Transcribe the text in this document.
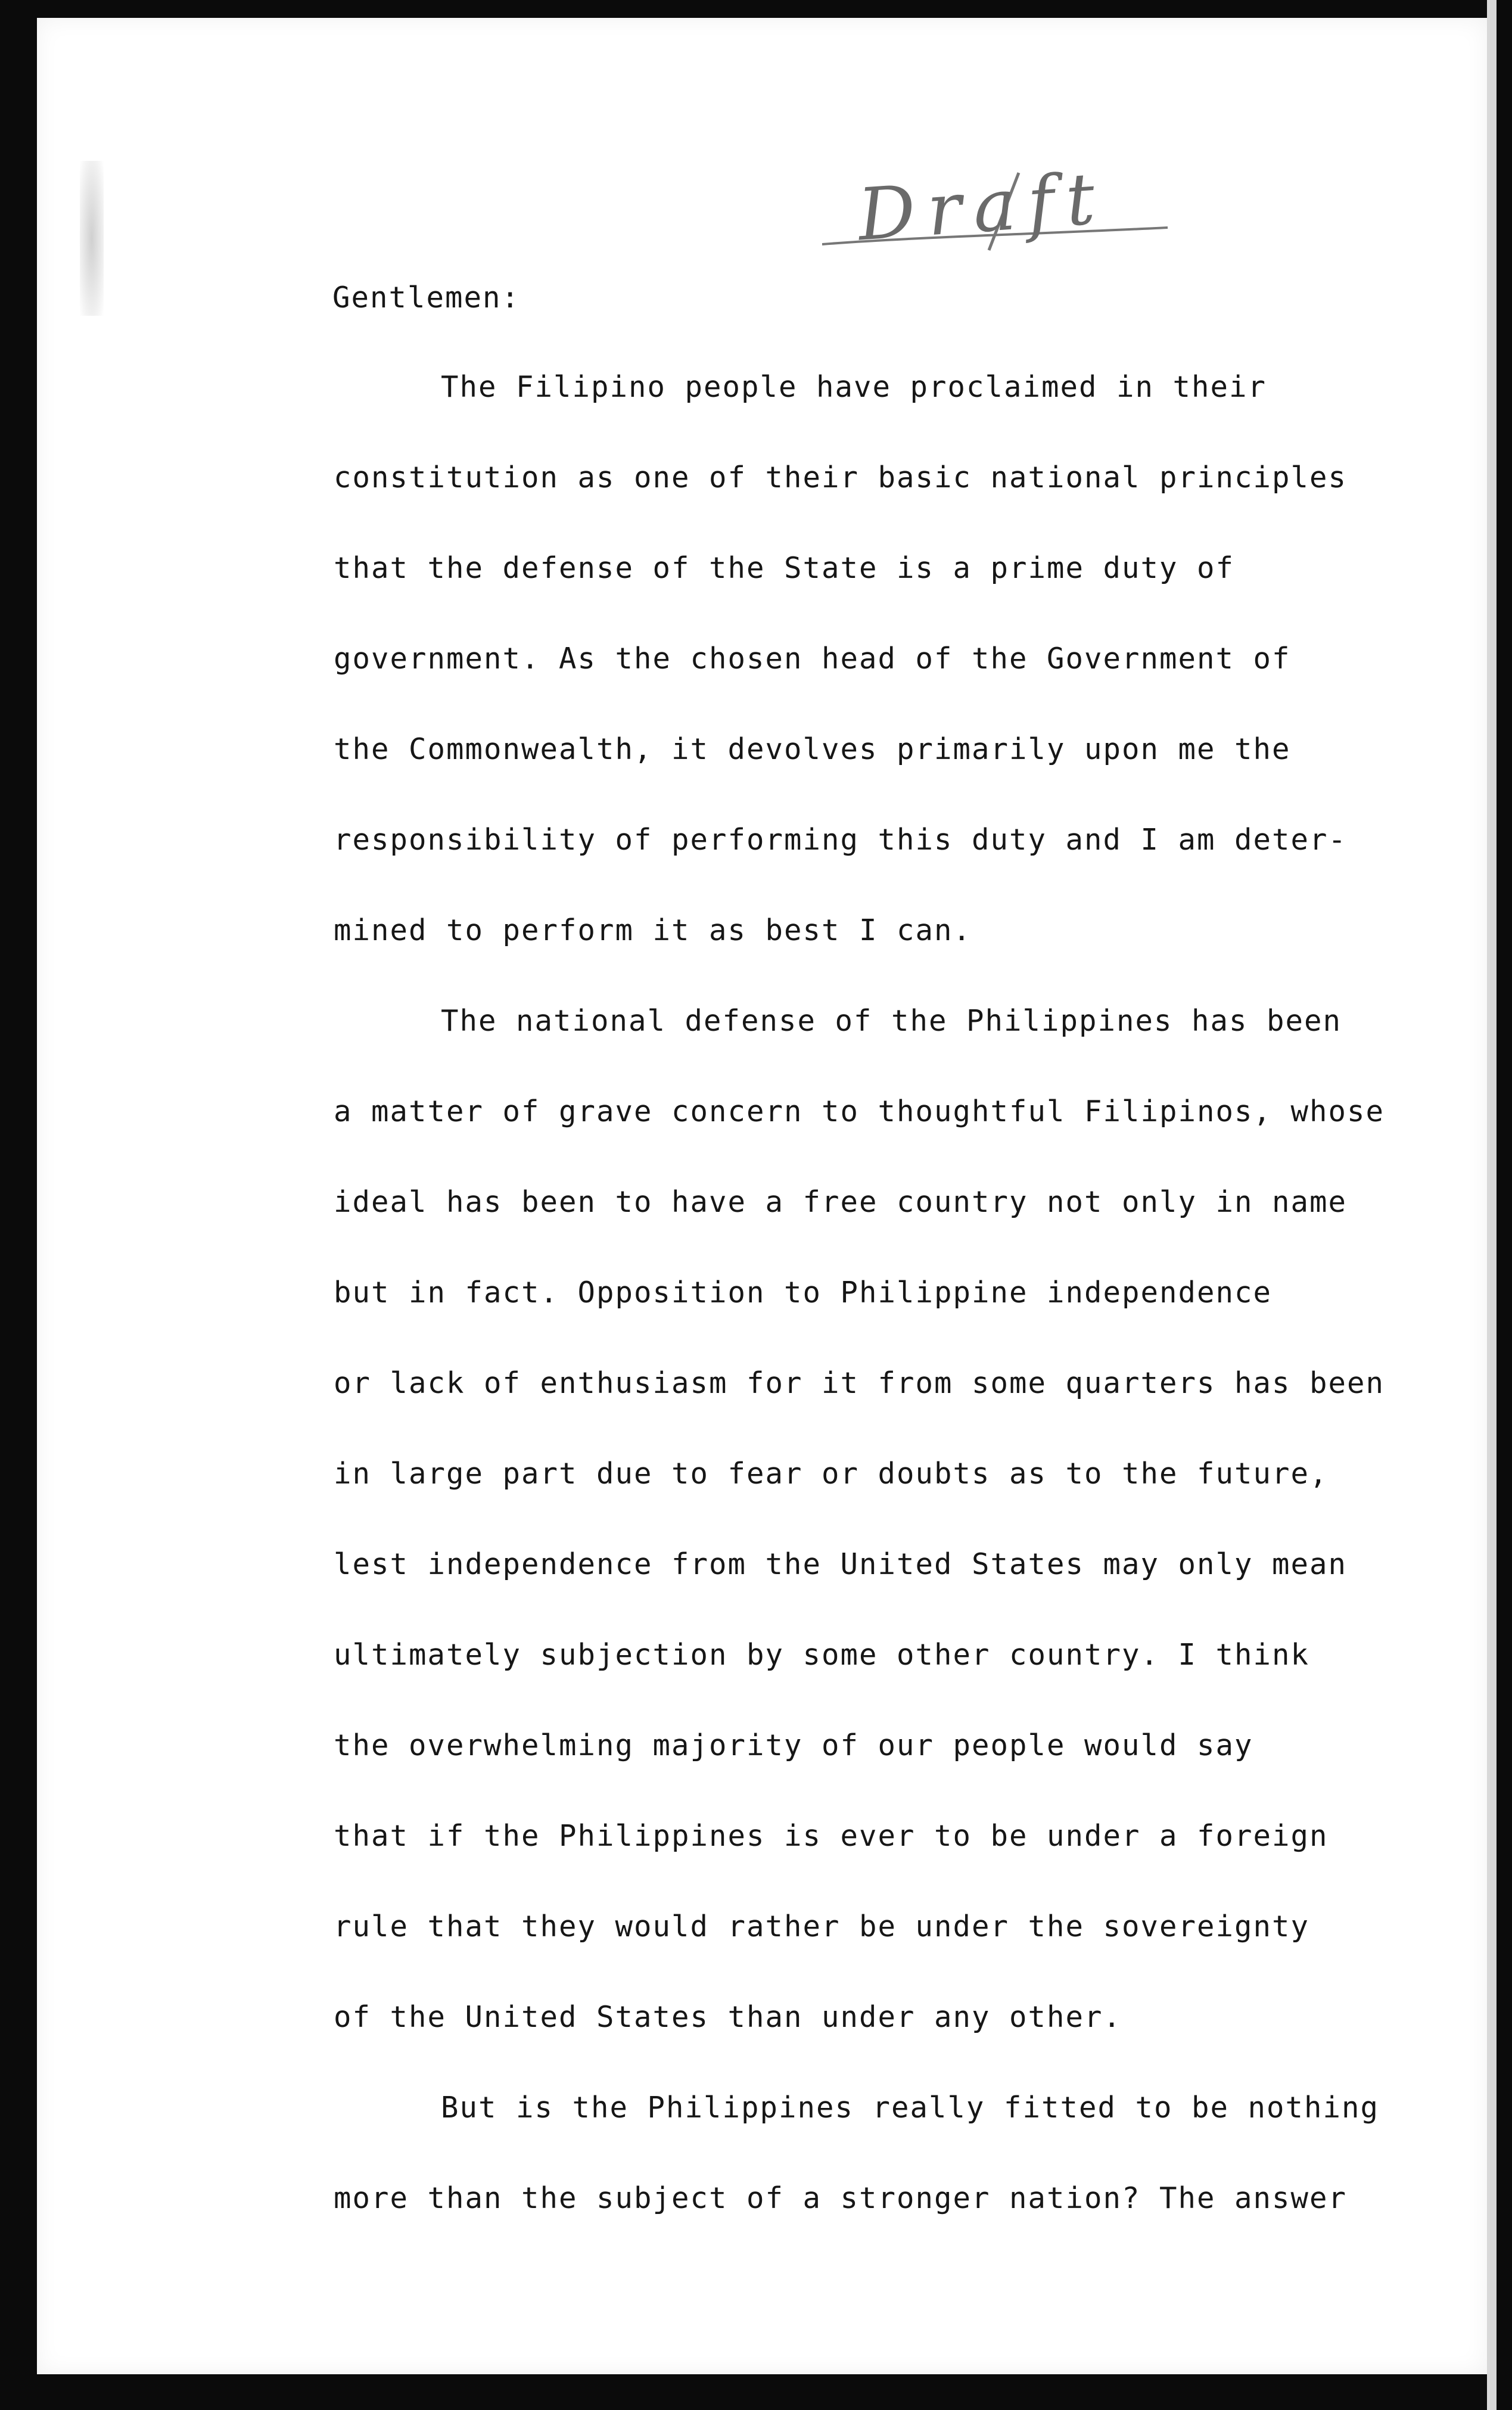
Draft
Gentlemen:
The Filipino people have proclaimed in their
constitution as one of their basic national principles
that the defense of the State is a prime duty of
government. As the chosen head of the Government of
the Commonwealth, it devolves primarily upon me the
responsibility of performing this duty and I am deter-
mined to perform it as best I can.
The national defense of the Philippines has been
a matter of grave concern to thoughtful Filipinos, whose
ideal has been to have a free country not only in name
but in fact. Opposition to Philippine independence
or lack of enthusiasm for it from some quarters has been
in large part due to fear or doubts as to the future,
lest independence from the United States may only mean
ultimately subjection by some other country. I think
the overwhelming majority of our people would say
that if the Philippines is ever to be under a foreign
rule that they would rather be under the sovereignty
of the United States than under any other.
But is the Philippines really fitted to be nothing
more than the subject of a stronger nation? The answer
